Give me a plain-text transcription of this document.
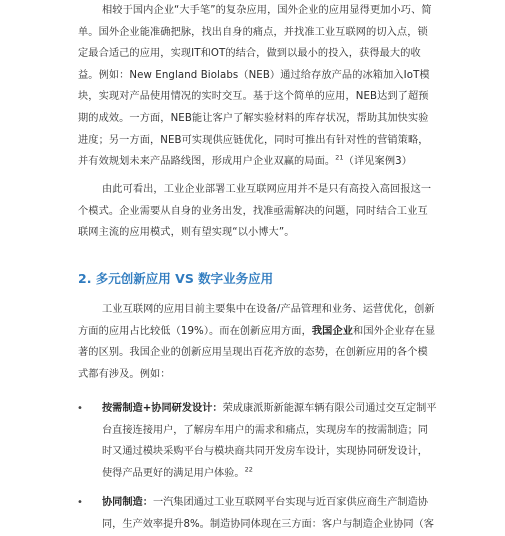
相较于国内企业“大手笔”的复杂应用，国外企业的应用显得更加小巧、简单。国外企业能准确把脉，找出自身的痛点，并找准工业互联网的切入点，锁定最合适己的应用，实现IT和OT的结合，做到以最小的投入，获得最大的收益。例如：New England Biolabs（NEB）通过给存放产品的冰箱加入IoT模块，实现对产品使用情况的实时交互。基于这个简单的应用，NEB达到了超预期的成效。一方面，NEB能让客户了解实验材料的库存状况，帮助其加快实验进度；另一方面，NEB可实现供应链优化，同时可推出有针对性的营销策略，并有效规划未来产品路线图，形成用户企业双赢的局面。$^{21}$（详见案例3）

由此可看出，工业企业部署工业互联网应用并不是只有高投入高回报这一个模式。企业需要从自身的业务出发，找准亟需解决的问题，同时结合工业互联网主流的应用模式，则有望实现“以小博大”。

2. 多元创新应用 VS 数字业务应用

工业互联网的应用目前主要集中在设备/产品管理和业务、运营优化，创新方面的应用占比较低（19%）。而在创新应用方面，我国企业和国外企业存在显著的区别。我国企业的创新应用呈现出百花齐放的态势，在创新应用的各个模式都有涉及。例如：

• 按需制造+协同研发设计：荣成康派斯新能源车辆有限公司通过交互定制平台直接连接用户，了解房车用户的需求和痛点，实现房车的按需制造；同时又通过模块采购平台与模块商共同开发房车设计，实现协同研发设计，使得产品更好的满足用户体验。$^{22}$

• 协同制造：一汽集团通过工业互联网平台实现与近百家供应商生产制造协同，生产效率提升8%。制造协同体现在三方面：客户与制造企业协同（客
